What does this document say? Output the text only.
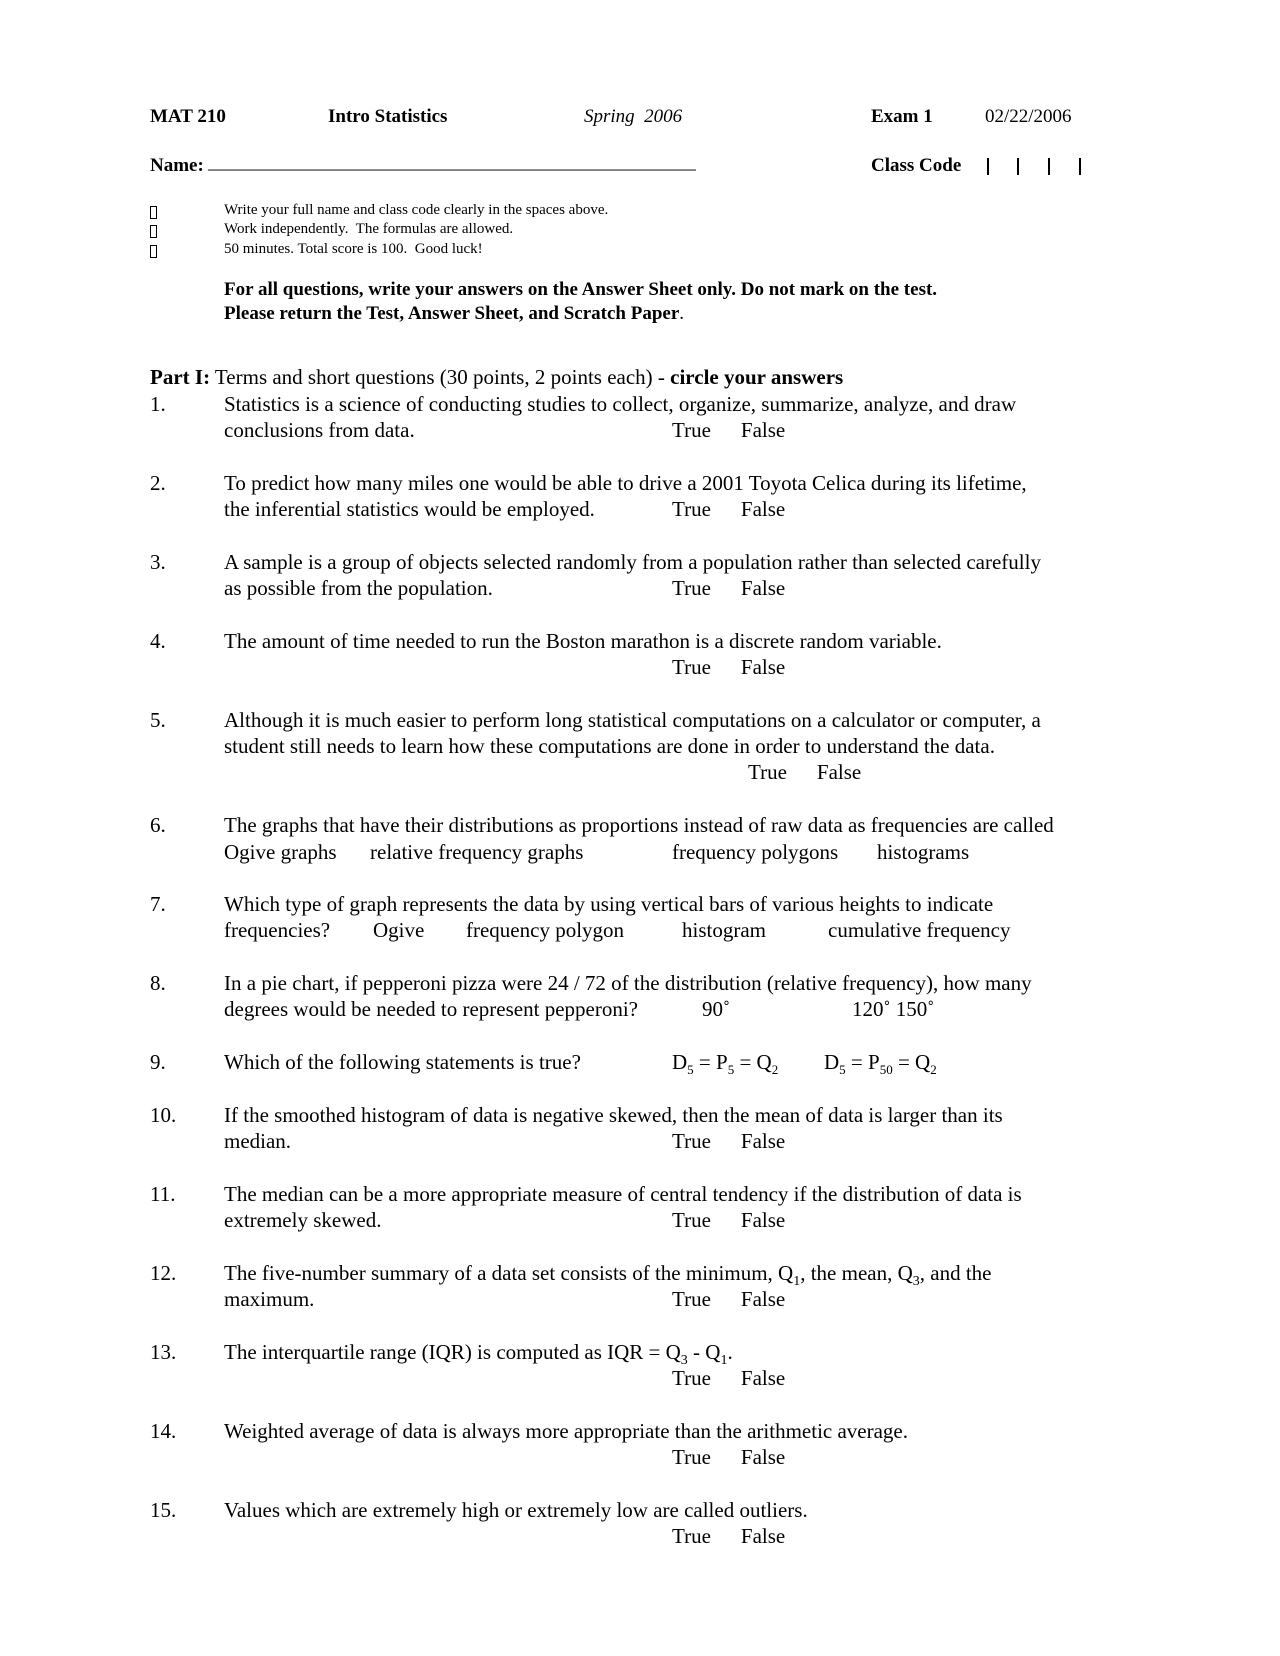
MAT 210	Intro Statistics	Spring  2006	Exam 1	02/22/2006
Name: _____________________________________________________	Class Code
Write your full name and class code clearly in the spaces above.
Work independently.  The formulas are allowed.
50 minutes. Total score is 100.  Good luck!
For all questions, write your answers on the Answer Sheet only. Do not mark on the test.
Please return the Test, Answer Sheet, and Scratch Paper.
Part I: Terms and short questions (30 points, 2 points each) - circle your answers
1.	Statistics is a science of conducting studies to collect, organize, summarize, analyze, and draw
conclusions from data.	True False
2.	To predict how many miles one would be able to drive a 2001 Toyota Celica during its lifetime,
the inferential statistics would be employed.	True False
3.	A sample is a group of objects selected randomly from a population rather than selected carefully
as possible from the population.	True False
4.	The amount of time needed to run the Boston marathon is a discrete random variable.
True False
5.	Although it is much easier to perform long statistical computations on a calculator or computer, a
student still needs to learn how these computations are done in order to understand the data.
True False
6.	The graphs that have their distributions as proportions instead of raw data as frequencies are called
Ogive graphs relative frequency graphs	frequency polygons histograms
7.	Which type of graph represents the data by using vertical bars of various heights to indicate
frequencies? Ogive frequency polygon	histogram	cumulative frequency
8.	In a pie chart, if pepperoni pizza were 24 / 72 of the distribution (relative frequency), how many
degrees would be needed to represent pepperoni?	90˚	120˚ 150˚
9.	Which of the following statements is true?	$D_5 = P_5 = Q_2$ $D_5 = P_{50} = Q_2$
10. If the smoothed histogram of data is negative skewed, then the mean of data is larger than its
median.	True False
11. The median can be a more appropriate measure of central tendency if the distribution of data is
extremely skewed.	True False
12. The five-number summary of a data set consists of the minimum, $Q_1$, the mean, $Q_3$, and the
maximum.	True False
13. The interquartile range (IQR) is computed as IQR = $Q_3 - Q_1$.
True False
14. Weighted average of data is always more appropriate than the arithmetic average.
True False
15. Values which are extremely high or extremely low are called outliers.
True False
